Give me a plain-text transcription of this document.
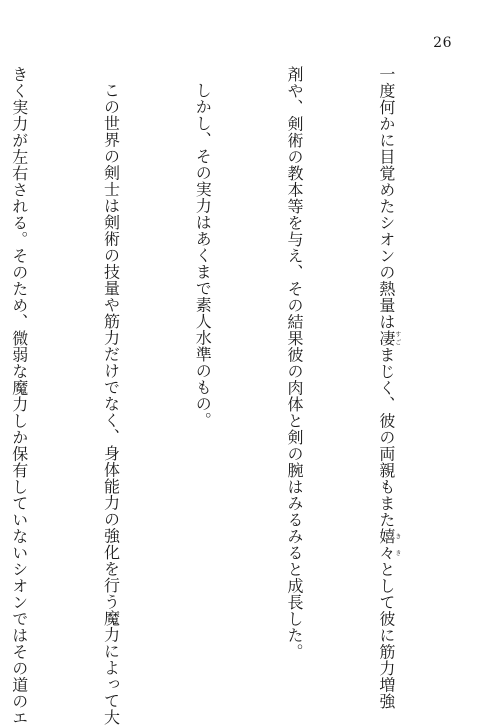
26

一度何かに目覚めたシオンの熱量は凄すごまじく、彼の両親もまた嬉々ききとして彼に筋力増強

剤や、剣術の教本等を与え、その結果彼の肉体と剣の腕はみるみると成長した。

しかし、その実力はあくまで素人水準のもの。

この世界の剣士は剣術の技量や筋力だけでなく、身体能力の強化を行う魔力によって大

きく実力が左右される。そのため、微弱な魔力しか保有していないシオンではその道のエ
